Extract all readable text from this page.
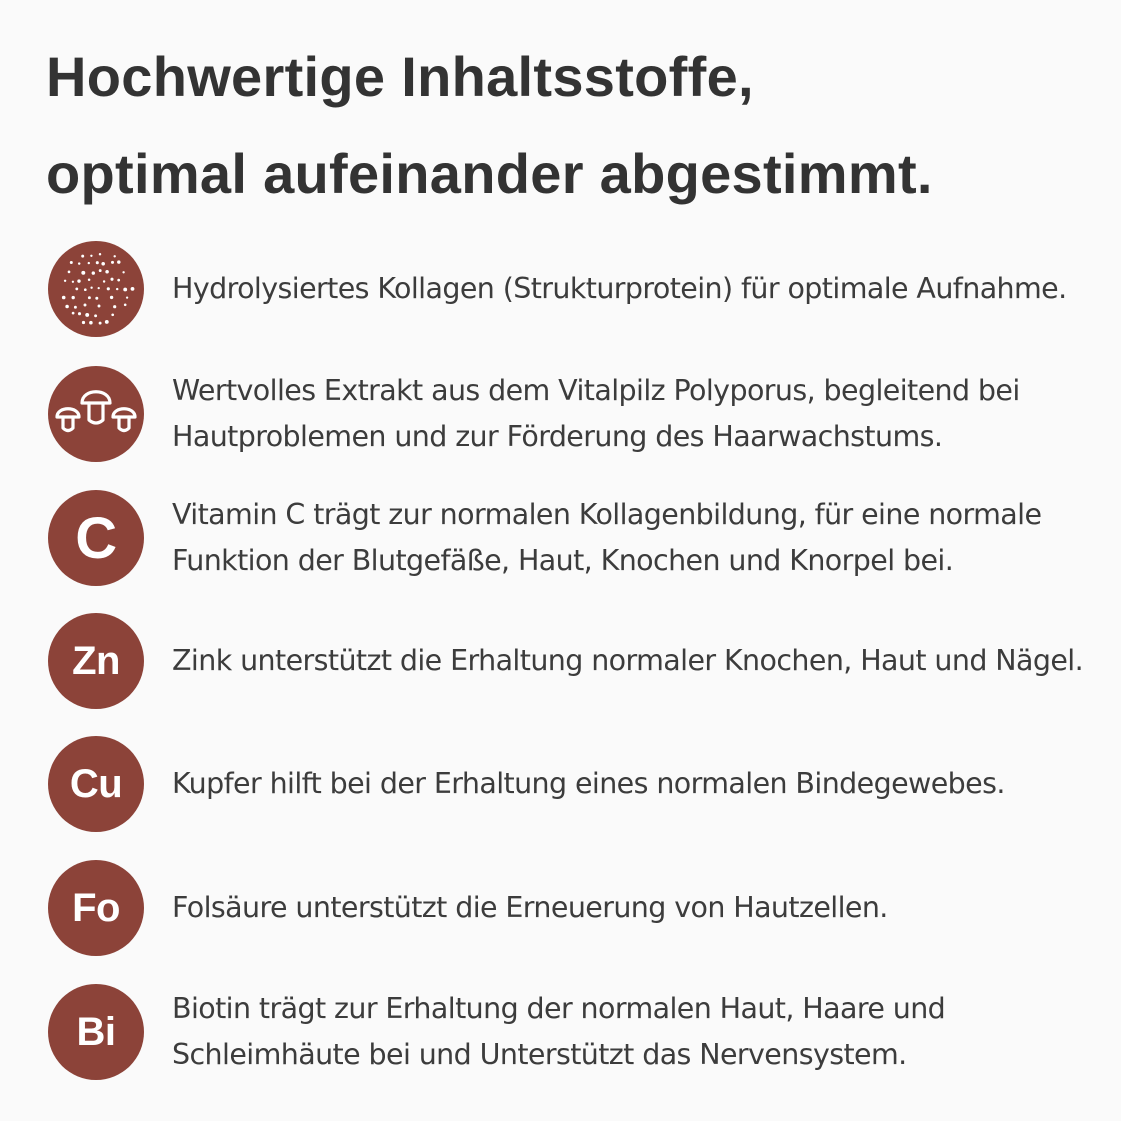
Hochwertige Inhaltsstoffe,
optimal aufeinander abgestimmt.
Hydrolysiertes Kollagen (Strukturprotein) für optimale Aufnahme.
Wertvolles Extrakt aus dem Vitalpilz Polyporus, begleitend bei
Hautproblemen und zur Förderung des Haarwachstums.
C	Vitamin C trägt zur normalen Kollagenbildung, für eine normale
Funktion der Blutgefäße, Haut, Knochen und Knorpel bei.
Zn	Zink unterstützt die Erhaltung normaler Knochen, Haut und Nägel.
Cu	Kupfer hilft bei der Erhaltung eines normalen Bindegewebes.
Fo	Folsäure unterstützt die Erneuerung von Hautzellen.
Bi
Biotin trägt zur Erhaltung der normalen Haut, Haare und
Schleimhäute bei und Unterstützt das Nervensystem.
